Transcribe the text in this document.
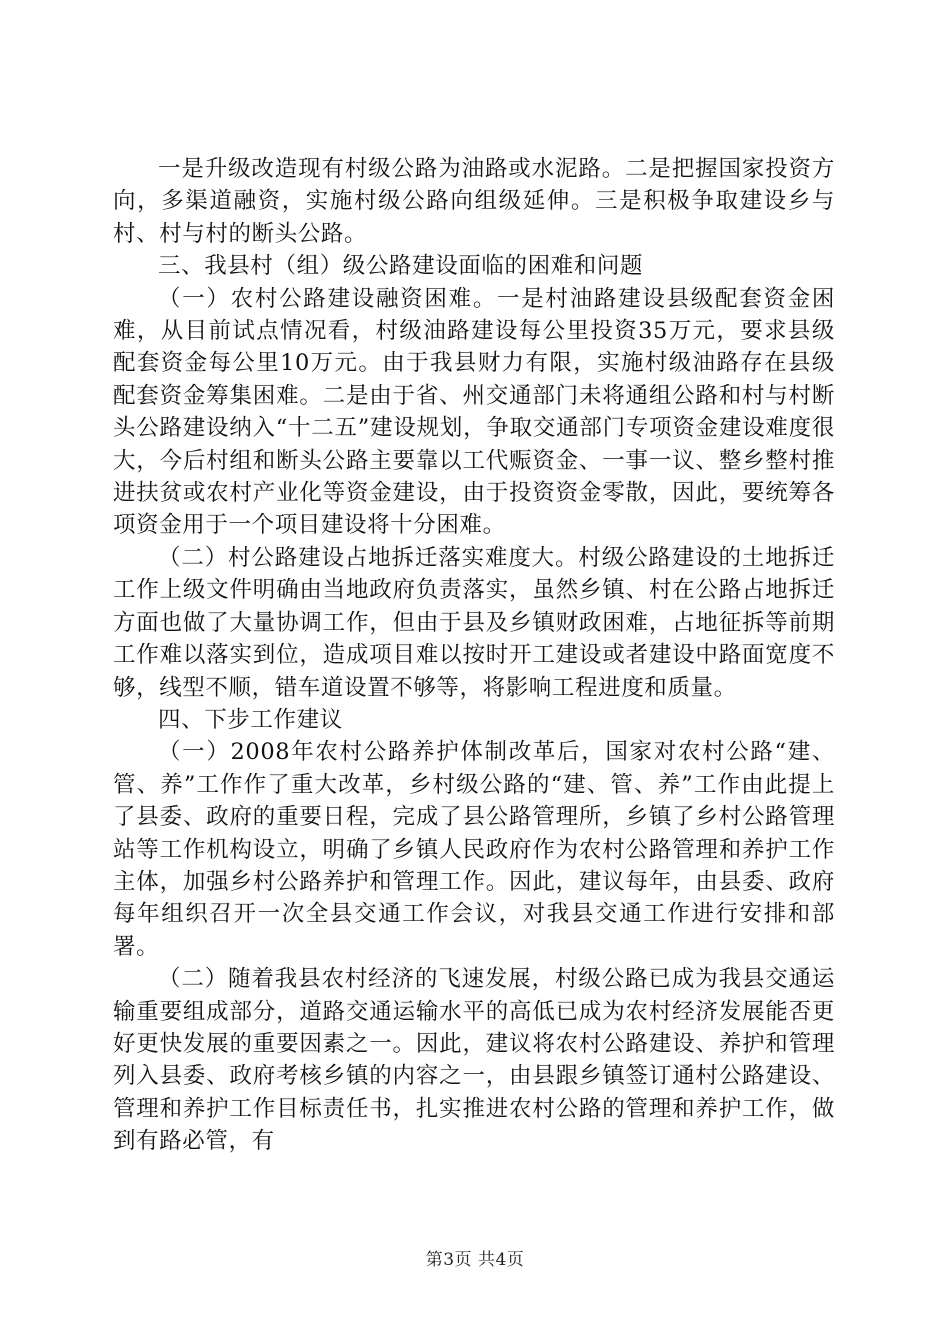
一是升级改造现有村级公路为油路或水泥路。二是把握国家投资方向，多渠道融资，实施村级公路向组级延伸。三是积极争取建设乡与村、村与村的断头公路。

三、我县村（组）级公路建设面临的困难和问题

（一）农村公路建设融资困难。一是村油路建设县级配套资金困难，从目前试点情况看，村级油路建设每公里投资35万元，要求县级配套资金每公里10万元。由于我县财力有限，实施村级油路存在县级配套资金筹集困难。二是由于省、州交通部门未将通组公路和村与村断头公路建设纳入“十二五”建设规划，争取交通部门专项资金建设难度很大，今后村组和断头公路主要靠以工代赈资金、一事一议、整乡整村推进扶贫或农村产业化等资金建设，由于投资资金零散，因此，要统筹各项资金用于一个项目建设将十分困难。

（二）村公路建设占地拆迁落实难度大。村级公路建设的土地拆迁工作上级文件明确由当地政府负责落实，虽然乡镇、村在公路占地拆迁方面也做了大量协调工作，但由于县及乡镇财政困难，占地征拆等前期工作难以落实到位，造成项目难以按时开工建设或者建设中路面宽度不够，线型不顺，错车道设置不够等，将影响工程进度和质量。

四、下步工作建议

（一）2008年农村公路养护体制改革后，国家对农村公路“建、管、养”工作作了重大改革，乡村级公路的“建、管、养”工作由此提上了县委、政府的重要日程，完成了县公路管理所，乡镇了乡村公路管理站等工作机构设立，明确了乡镇人民政府作为农村公路管理和养护工作主体，加强乡村公路养护和管理工作。因此，建议每年，由县委、政府每年组织召开一次全县交通工作会议，对我县交通工作进行安排和部署。

（二）随着我县农村经济的飞速发展，村级公路已成为我县交通运输重要组成部分，道路交通运输水平的高低已成为农村经济发展能否更好更快发展的重要因素之一。因此，建议将农村公路建设、养护和管理列入县委、政府考核乡镇的内容之一，由县跟乡镇签订通村公路建设、管理和养护工作目标责任书，扎实推进农村公路的管理和养护工作，做到有路必管，有

第3页 共4页
